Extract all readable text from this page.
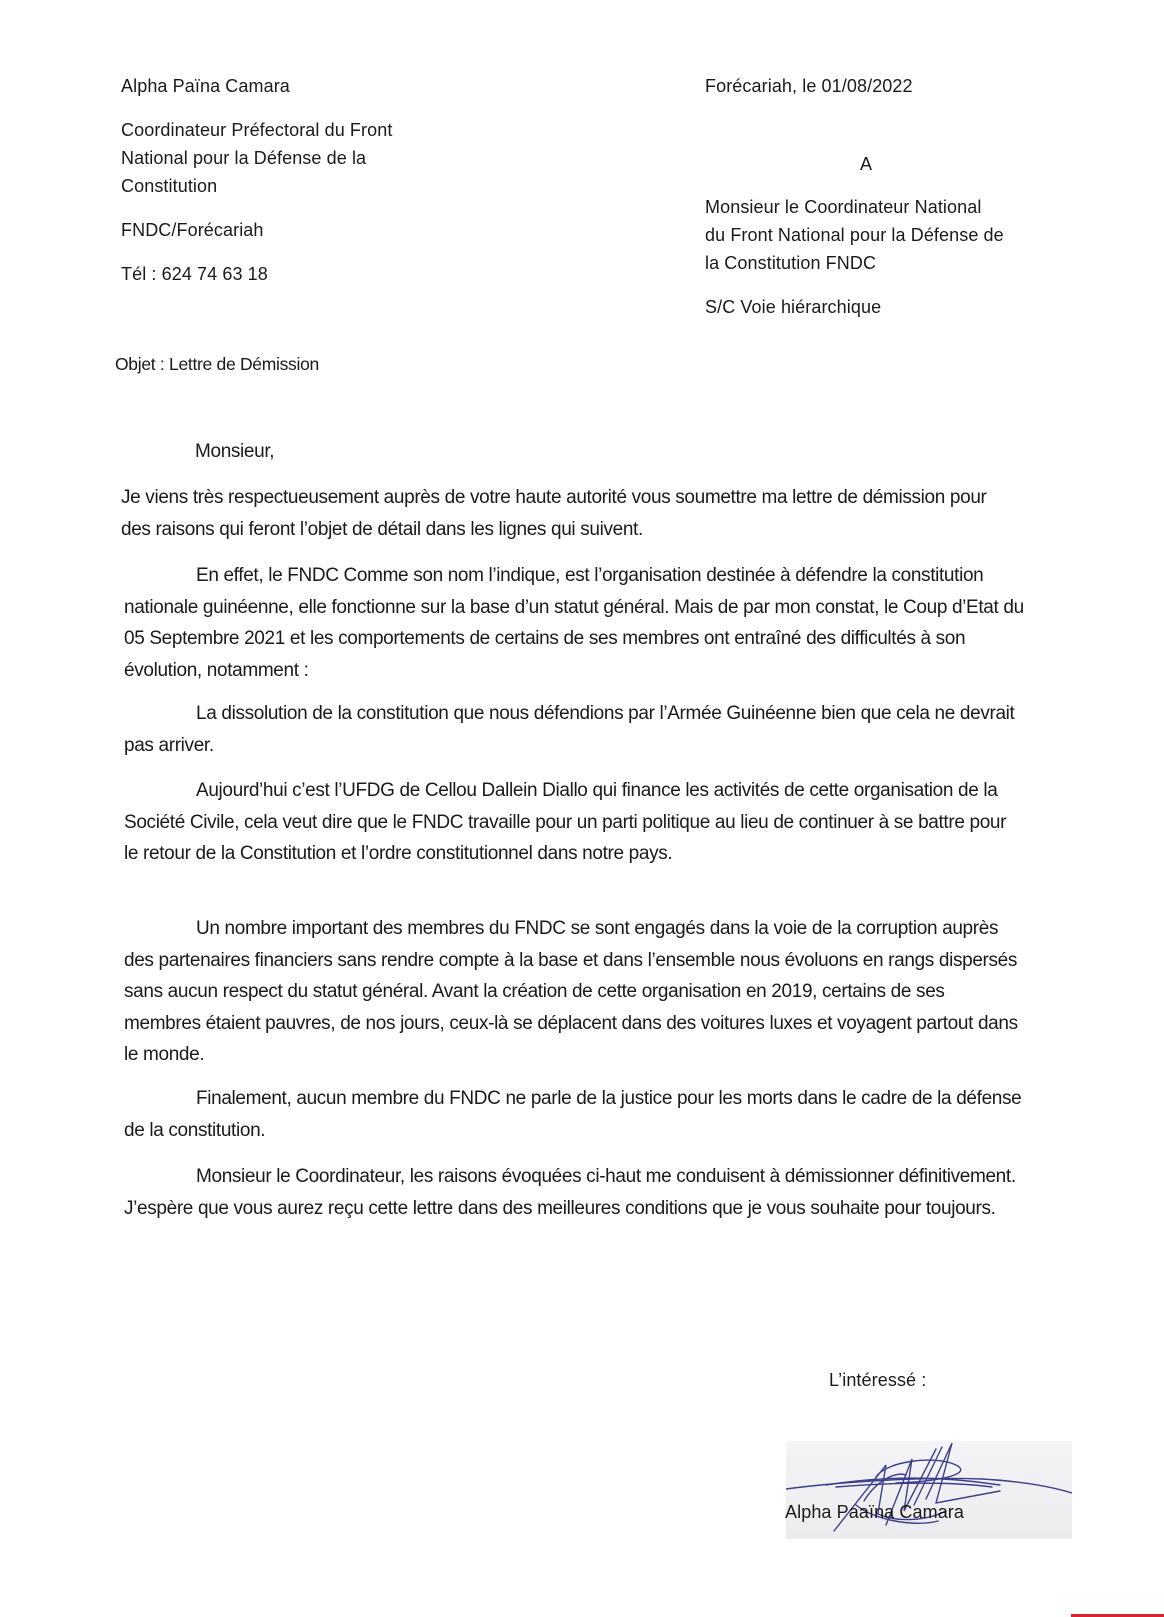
Alpha Païna Camara
Coordinateur Préfectoral du Front
National pour la Défense de la
Constitution
FNDC/Forécariah
Tél : 624 74 63 18
Forécariah, le 01/08/2022
A
Monsieur le Coordinateur National
du Front National pour la Défense de
la Constitution FNDC
S/C Voie hiérarchique
Objet : Lettre de Démission
Monsieur,
Je viens très respectueusement auprès de votre haute autorité vous soumettre ma lettre de démission pour des raisons qui feront l’objet de détail dans les lignes qui suivent.
En effet, le FNDC Comme son nom l’indique, est l’organisation destinée à défendre la constitution nationale guinéenne, elle fonctionne sur la base d’un statut général. Mais de par mon constat, le Coup d’Etat du 05 Septembre 2021 et les comportements de certains de ses membres ont entraîné des difficultés à son évolution, notamment :
La dissolution de la constitution que nous défendions par l’Armée Guinéenne bien que cela ne devrait pas arriver.
Aujourd’hui c’est l’UFDG de Cellou Dallein Diallo qui finance les activités de cette organisation de la Société Civile, cela veut dire que le FNDC travaille pour un parti politique au lieu de continuer à se battre pour le retour de la Constitution et l’ordre constitutionnel dans notre pays.
Un nombre important des membres du FNDC se sont engagés dans la voie de la corruption auprès des partenaires financiers sans rendre compte à la base et dans l’ensemble nous évoluons en rangs dispersés sans aucun respect du statut général. Avant la création de cette organisation en 2019, certains de ses membres étaient pauvres, de nos jours, ceux-là se déplacent dans des voitures luxes et voyagent partout dans le monde.
Finalement, aucun membre du FNDC ne parle de la justice pour les morts dans le cadre de la défense de la constitution.
Monsieur le Coordinateur, les raisons évoquées ci-haut me conduisent à démissionner définitivement. J’espère que vous aurez reçu cette lettre dans des meilleures conditions que je vous souhaite pour toujours.
L’intéressé :
Alpha Paaïna Camara
